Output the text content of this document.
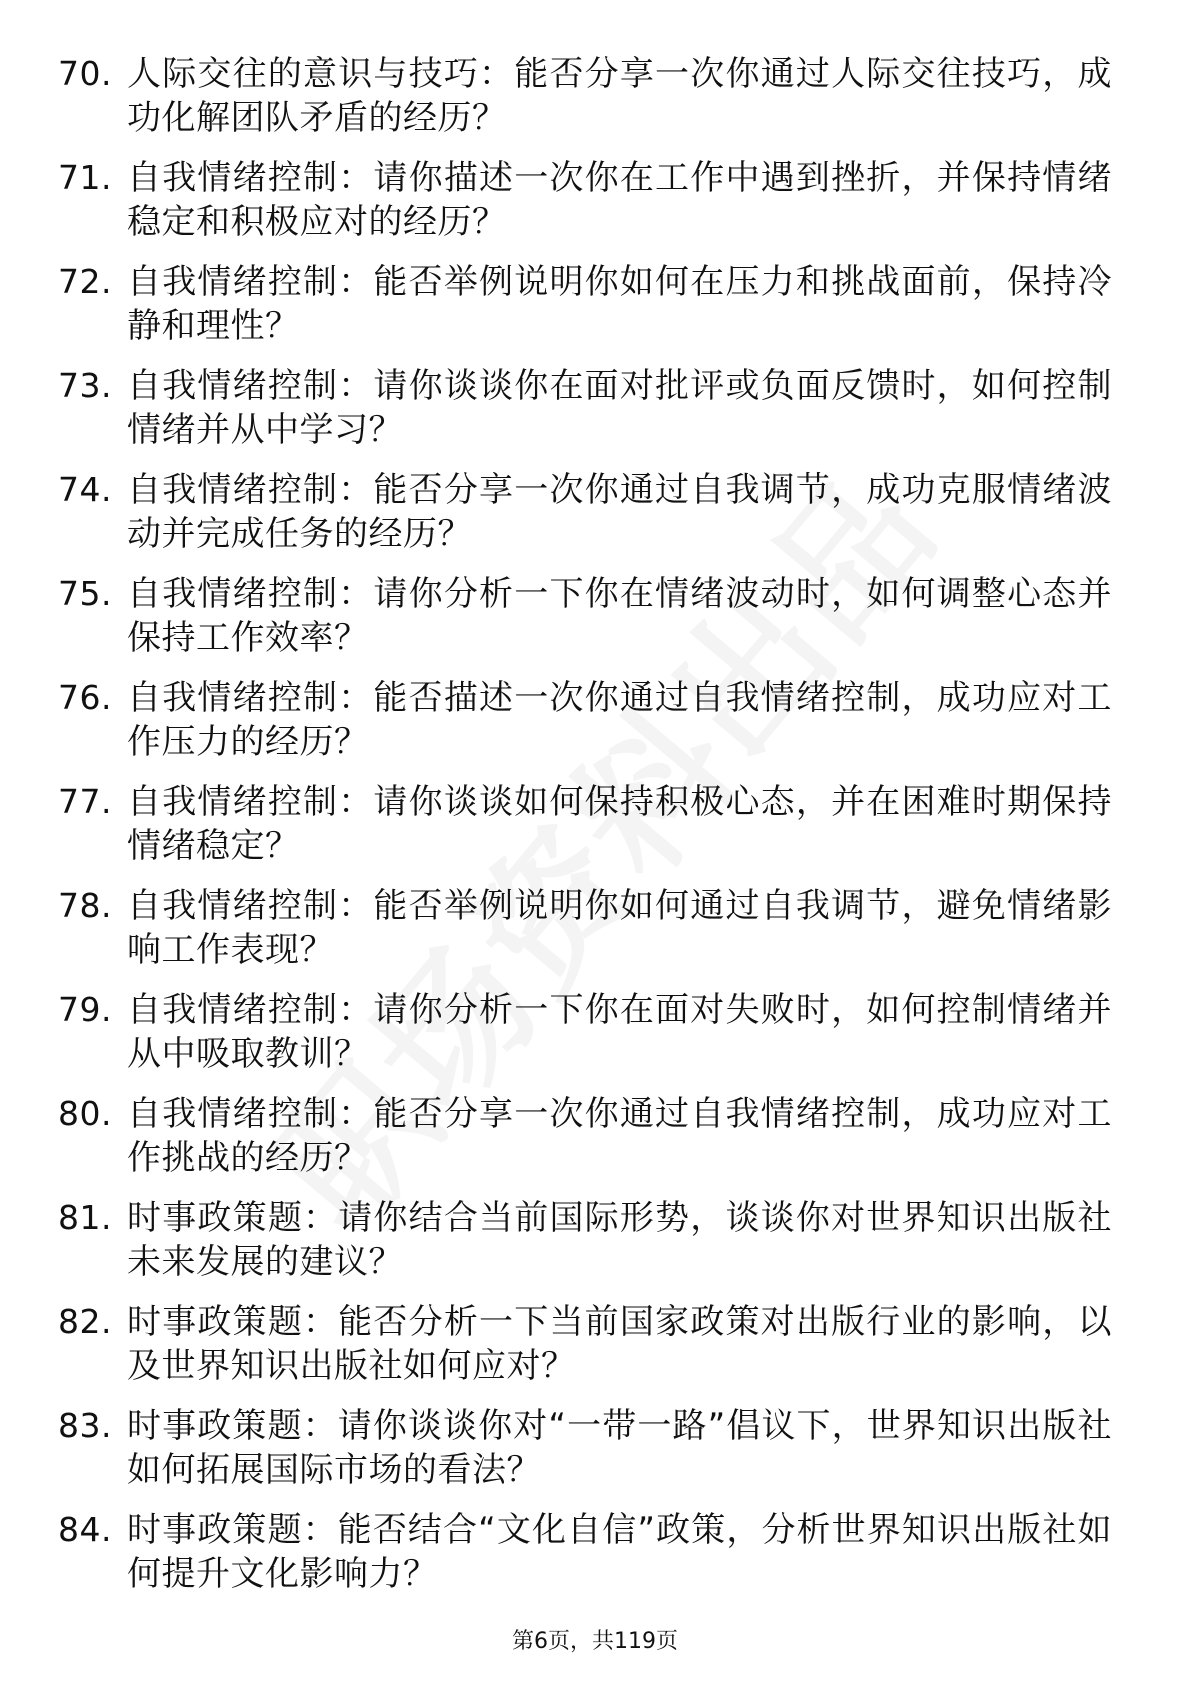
70. 人际交往的意识与技巧：能否分享一次你通过人际交往技巧，成功化解团队矛盾的经历？
71. 自我情绪控制：请你描述一次你在工作中遇到挫折，并保持情绪稳定和积极应对的经历？
72. 自我情绪控制：能否举例说明你如何在压力和挑战面前，保持冷静和理性？
73. 自我情绪控制：请你谈谈你在面对批评或负面反馈时，如何控制情绪并从中学习？
74. 自我情绪控制：能否分享一次你通过自我调节，成功克服情绪波动并完成任务的经历？
75. 自我情绪控制：请你分析一下你在情绪波动时，如何调整心态并保持工作效率？
76. 自我情绪控制：能否描述一次你通过自我情绪控制，成功应对工作压力的经历？
77. 自我情绪控制：请你谈谈如何保持积极心态，并在困难时期保持情绪稳定？
78. 自我情绪控制：能否举例说明你如何通过自我调节，避免情绪影响工作表现？
79. 自我情绪控制：请你分析一下你在面对失败时，如何控制情绪并从中吸取教训？
80. 自我情绪控制：能否分享一次你通过自我情绪控制，成功应对工作挑战的经历？
81. 时事政策题：请你结合当前国际形势，谈谈你对世界知识出版社未来发展的建议？
82. 时事政策题：能否分析一下当前国家政策对出版行业的影响，以及世界知识出版社如何应对？
83. 时事政策题：请你谈谈你对“一带一路”倡议下，世界知识出版社如何拓展国际市场的看法？
84. 时事政策题：能否结合“文化自信”政策，分析世界知识出版社如何提升文化影响力？
第6页，共119页
